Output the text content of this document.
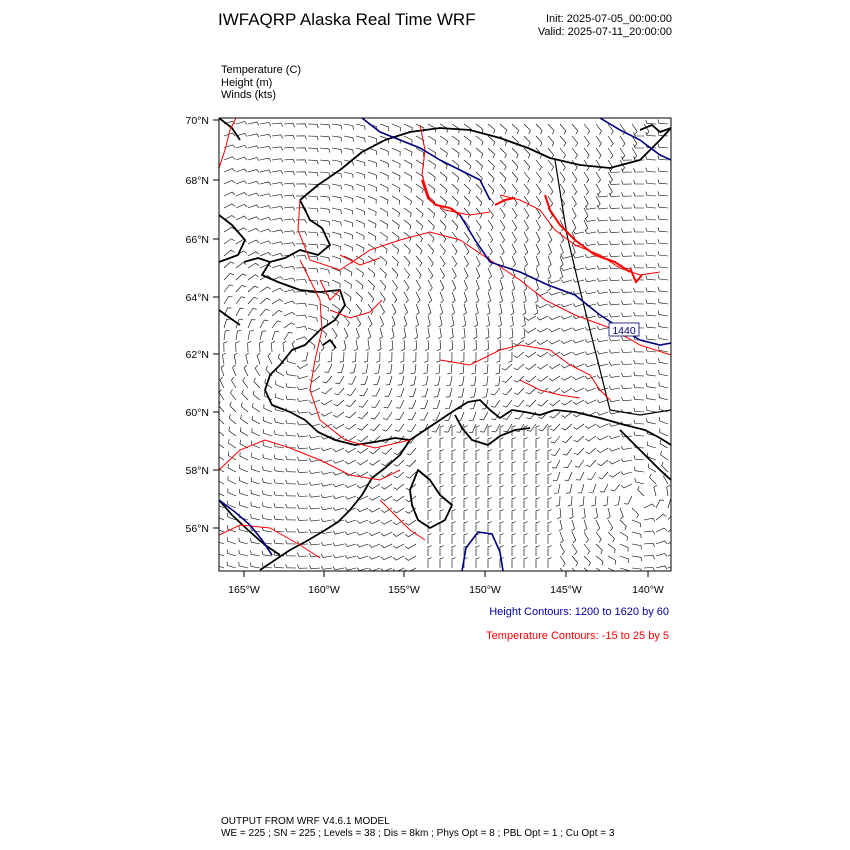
IWFAQRP Alaska Real Time WRF	Init: 2025-07-05_00:00:00
Valid: 2025-07-11_20:00:00
Temperature (C)
Height (m)
Winds (kts)
1440
70°N
68°N
66°N
64°N
62°N
60°N
58°N
56°N
165°W	160°W	155°W	150°W	145°W	140°W
Height Contours: 1200 to 1620 by 60
Temperature Contours: -15 to 25 by 5
OUTPUT FROM WRF V4.6.1 MODEL
WE = 225 ; SN = 225 ; Levels = 38 ; Dis = 8km ; Phys Opt = 8 ; PBL Opt = 1 ; Cu Opt = 3
